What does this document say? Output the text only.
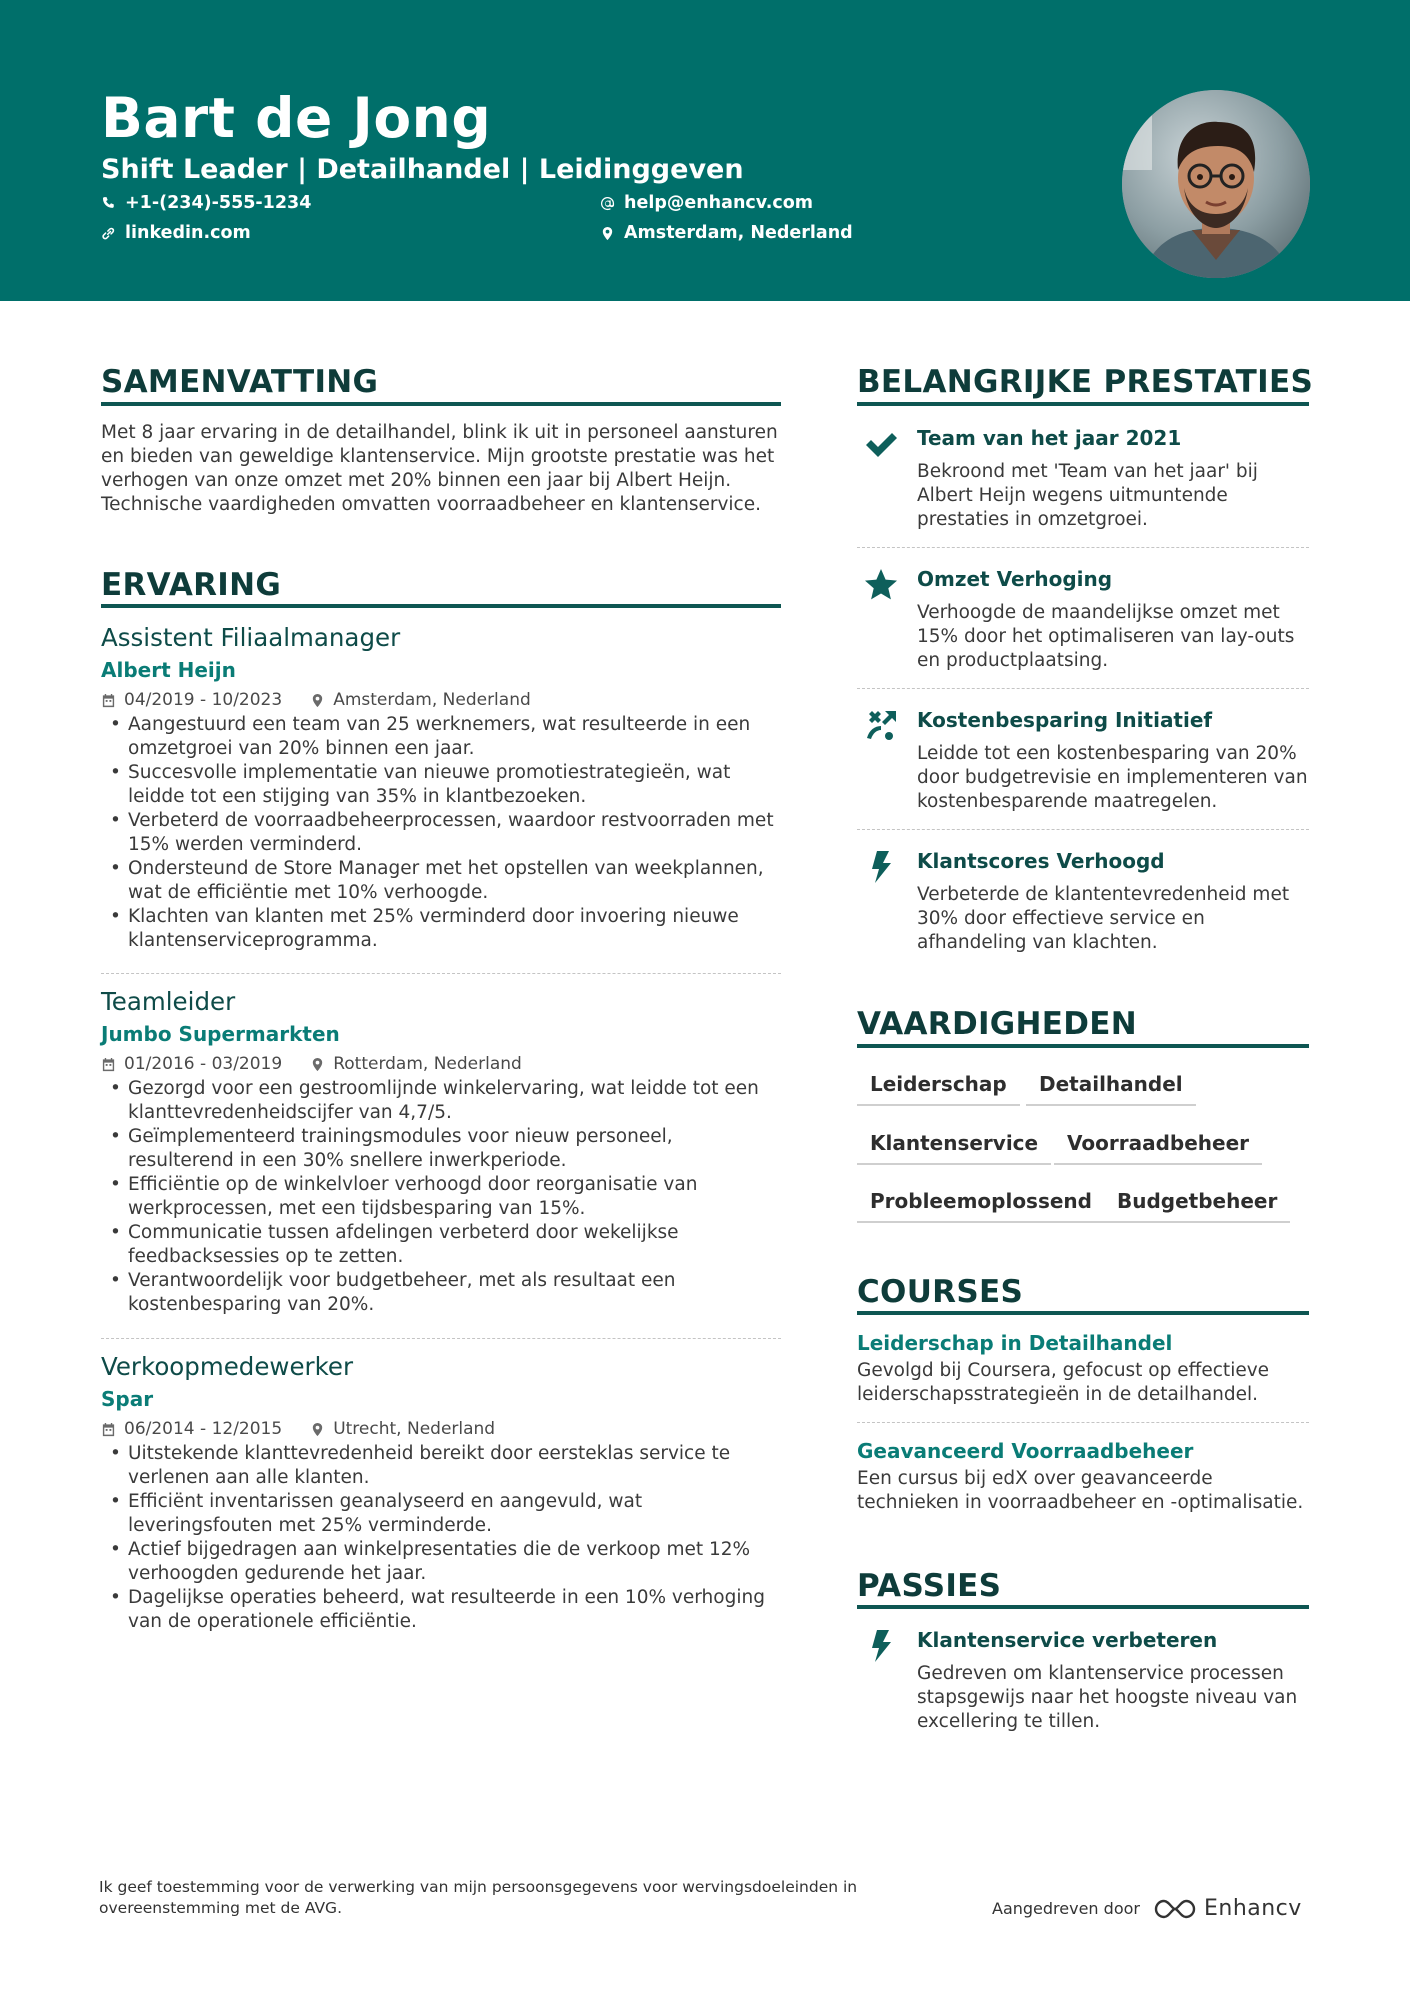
Bart de Jong
Shift Leader | Detailhandel | Leidinggeven
+1-(234)-555-1234	help@enhancv.com
linkedin.com	Amsterdam, Nederland
SAMENVATTING
Met 8 jaar ervaring in de detailhandel, blink ik uit in personeel aansturen en bieden van geweldige klantenservice. Mijn grootste prestatie was het verhogen van onze omzet met 20% binnen een jaar bij Albert Heijn. Technische vaardigheden omvatten voorraadbeheer en klantenservice.
ERVARING
Assistent Filiaalmanager
Albert Heijn
04/2019 - 10/2023	Amsterdam, Nederland
• Aangestuurd een team van 25 werknemers, wat resulteerde in een omzetgroei van 20% binnen een jaar.
• Succesvolle implementatie van nieuwe promotiestrategieën, wat leidde tot een stijging van 35% in klantbezoeken.
• Verbeterd de voorraadbeheerprocessen, waardoor restvoorraden met 15% werden verminderd.
• Ondersteund de Store Manager met het opstellen van weekplannen, wat de efficiëntie met 10% verhoogde.
• Klachten van klanten met 25% verminderd door invoering nieuwe klantenserviceprogramma.
Teamleider
Jumbo Supermarkten
01/2016 - 03/2019	Rotterdam, Nederland
• Gezorgd voor een gestroomlijnde winkelervaring, wat leidde tot een klanttevredenheidscijfer van 4,7/5.
• Geïmplementeerd trainingsmodules voor nieuw personeel, resulterend in een 30% snellere inwerkperiode.
• Efficiëntie op de winkelvloer verhoogd door reorganisatie van werkprocessen, met een tijdsbesparing van 15%.
• Communicatie tussen afdelingen verbeterd door wekelijkse feedbacksessies op te zetten.
• Verantwoordelijk voor budgetbeheer, met als resultaat een kostenbesparing van 20%.
Verkoopmedewerker
Spar
06/2014 - 12/2015	Utrecht, Nederland
• Uitstekende klanttevredenheid bereikt door eersteklas service te verlenen aan alle klanten.
• Efficiënt inventarissen geanalyseerd en aangevuld, wat leveringsfouten met 25% verminderde.
• Actief bijgedragen aan winkelpresentaties die de verkoop met 12% verhoogden gedurende het jaar.
• Dagelijkse operaties beheerd, wat resulteerde in een 10% verhoging van de operationele efficiëntie.
BELANGRIJKE PRESTATIES
Team van het jaar 2021
Bekroond met 'Team van het jaar' bij Albert Heijn wegens uitmuntende prestaties in omzetgroei.
Omzet Verhoging
Verhoogde de maandelijkse omzet met 15% door het optimaliseren van lay-outs en productplaatsing.
Kostenbesparing Initiatief
Leidde tot een kostenbesparing van 20% door budgetrevisie en implementeren van kostenbesparende maatregelen.
Klantscores Verhoogd
Verbeterde de klantentevredenheid met 30% door effectieve service en afhandeling van klachten.
VAARDIGHEDEN
Leiderschap	Detailhandel
Klantenservice	Voorraadbeheer
Probleemoplossend	Budgetbeheer
COURSES
Leiderschap in Detailhandel
Gevolgd bij Coursera, gefocust op effectieve leiderschapsstrategieën in de detailhandel.
Geavanceerd Voorraadbeheer
Een cursus bij edX over geavanceerde technieken in voorraadbeheer en -optimalisatie.
PASSIES
Klantenservice verbeteren
Gedreven om klantenservice processen stapsgewijs naar het hoogste niveau van excellering te tillen.
Ik geef toestemming voor de verwerking van mijn persoonsgegevens voor wervingsdoeleinden in overeenstemming met de AVG.	Aangedreven door	Enhancv
